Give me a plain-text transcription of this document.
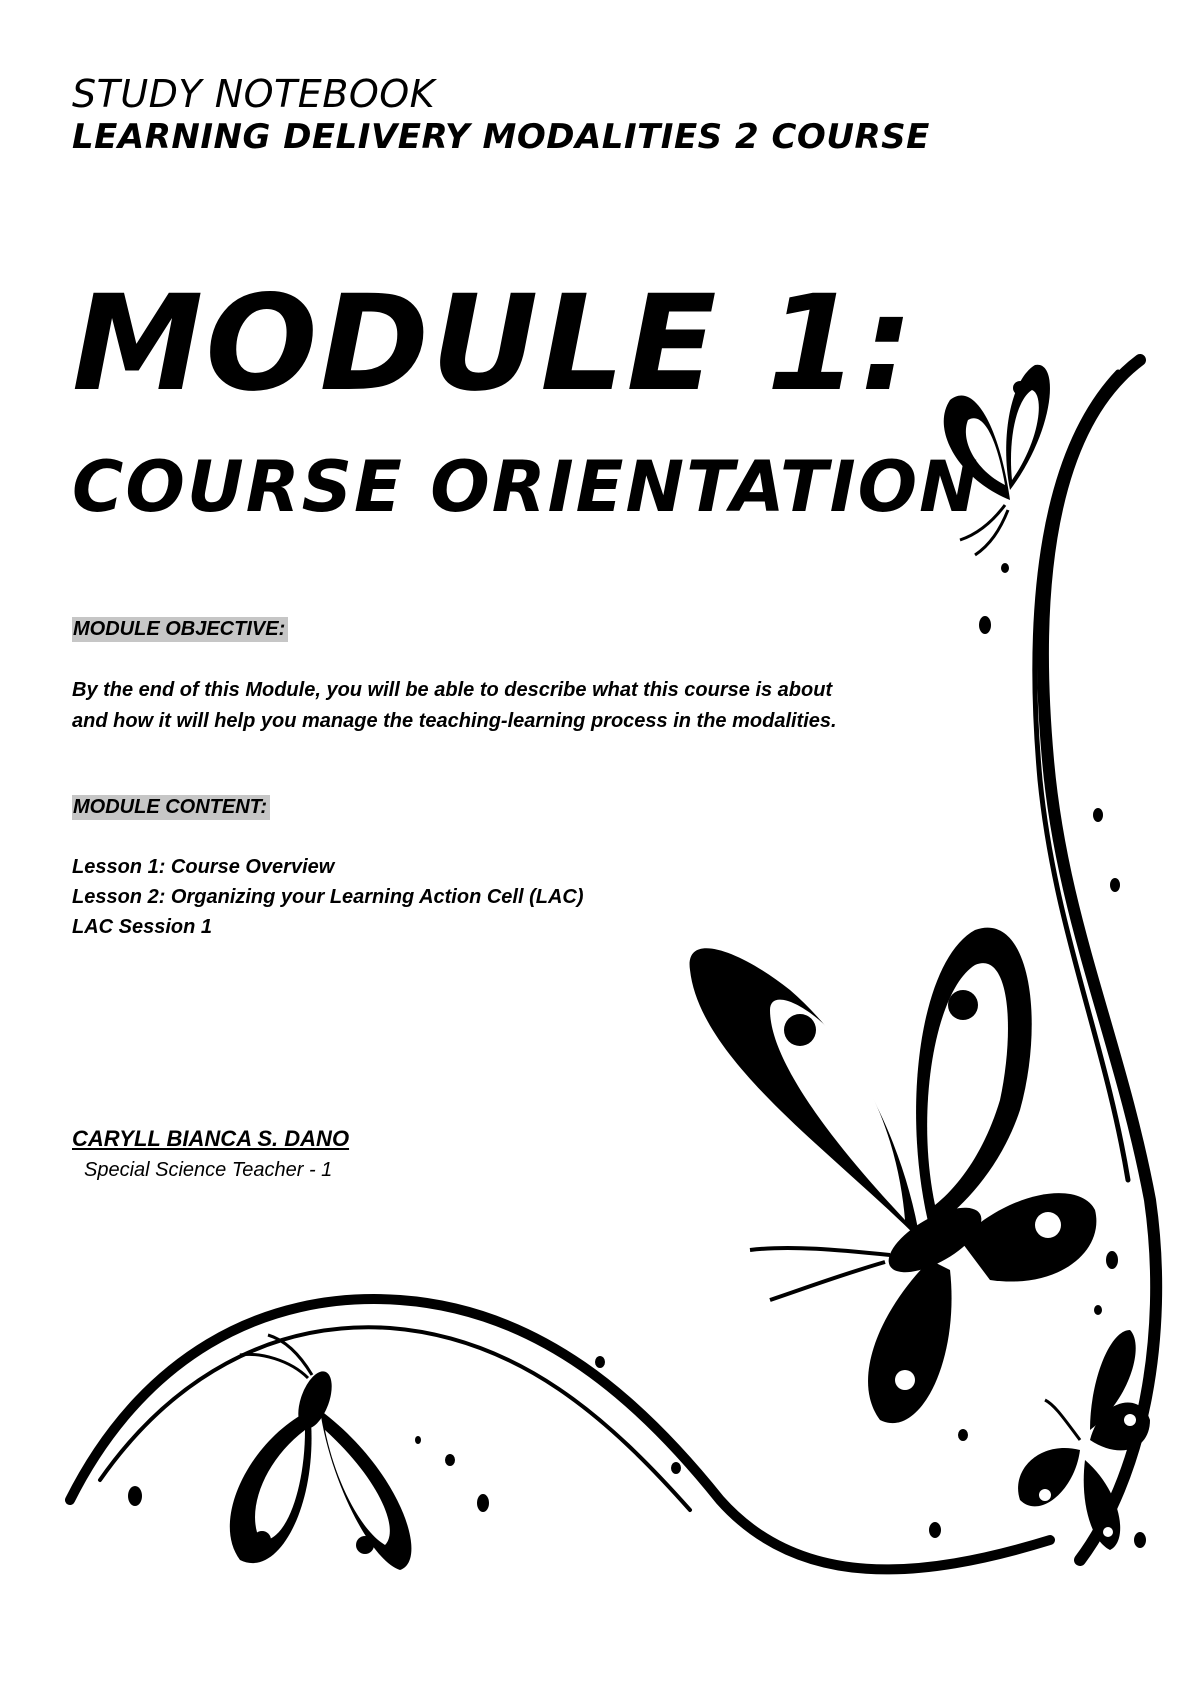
STUDY NOTEBOOK
LEARNING DELIVERY MODALITIES 2 COURSE
MODULE 1:
COURSE ORIENTATION
MODULE OBJECTIVE:
By the end of this Module, you will be able to describe what this course is about
and how it will help you manage the teaching-learning process in the modalities.
MODULE CONTENT:
Lesson 1: Course Overview
Lesson 2: Organizing your Learning Action Cell (LAC)
LAC Session 1
CARYLL BIANCA S. DANO
Special Science Teacher - 1
